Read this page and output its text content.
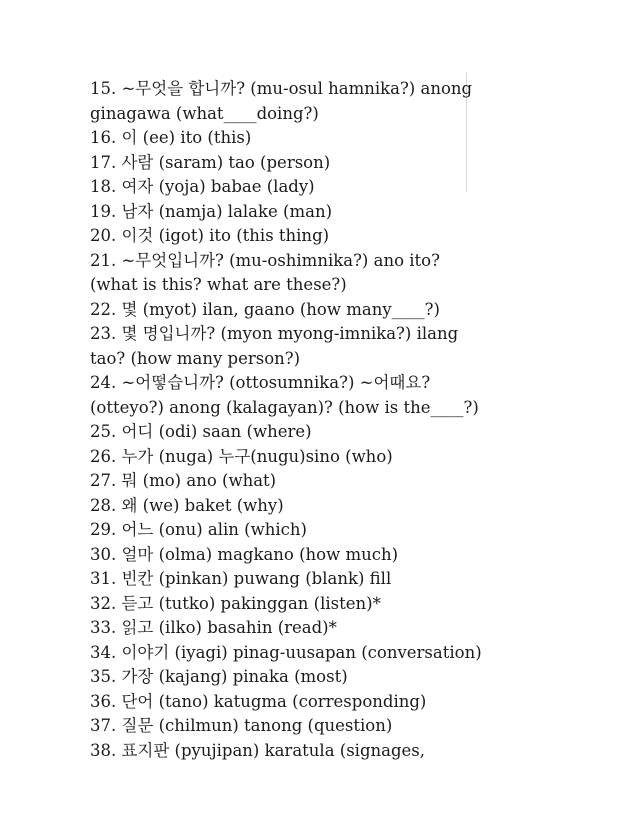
15. ~무엇을 합니까? (mu-osul hamnika?) anong
ginagawa (what____doing?)
16. 이 (ee) ito (this)
17. 사람 (saram) tao (person)
18. 여자 (yoja) babae (lady)
19. 남자 (namja) lalake (man)
20. 이것 (igot) ito (this thing)
21. ~무엇입니까? (mu-oshimnika?) ano ito?
(what is this? what are these?)
22. 몇 (myot) ilan, gaano (how many____?)
23. 몇 명입니까? (myon myong-imnika?) ilang
tao? (how many person?)
24. ~어떻습니까? (ottosumnika?) ~어때요?
(otteyo?) anong (kalagayan)? (how is the____?)
25. 어디 (odi) saan (where)
26. 누가 (nuga) 누구(nugu)sino (who)
27. 뭐 (mo) ano (what)
28. 왜 (we) baket (why)
29. 어느 (onu) alin (which)
30. 얼마 (olma) magkano (how much)
31. 빈칸 (pinkan) puwang (blank) fill
32. 듣고 (tutko) pakinggan (listen)*
33. 읽고 (ilko) basahin (read)*
34. 이야기 (iyagi) pinag-uusapan (conversation)
35. 가장 (kajang) pinaka (most)
36. 단어 (tano) katugma (corresponding)
37. 질문 (chilmun) tanong (question)
38. 표지판 (pyujipan) karatula (signages,
